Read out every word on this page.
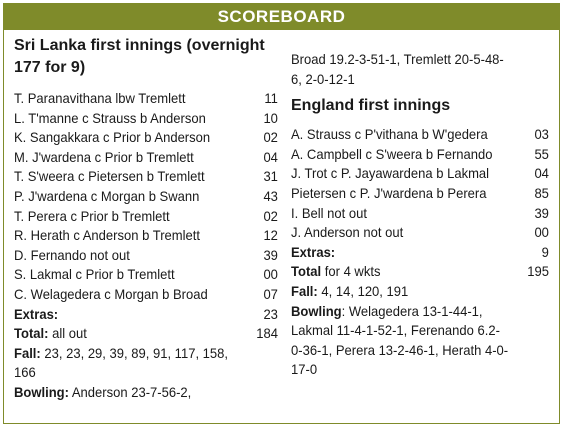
SCOREBOARD
Sri Lanka first innings (overnight
177 for 9)
T. Paranavithana lbw Tremlett	11
L. T'manne c Strauss b Anderson	10
K. Sangakkara c Prior b Anderson	02
M. J'wardena c Prior b Tremlett	04
T. S'weera c Pietersen b Tremlett	31
P. J'wardena c Morgan b Swann	43
T. Perera c Prior b Tremlett	02
R. Herath c Anderson b Tremlett	12
D. Fernando not out	39
S. Lakmal c Prior b Tremlett	00
C. Welagedera c Morgan b Broad	07
Extras:	23
Total: all out	184
Fall: 23, 23, 29, 39, 89, 91, 117, 158,
166
Bowling: Anderson 23-7-56-2,
Broad 19.2-3-51-1, Tremlett 20-5-48-
6, 2-0-12-1
England first innings
A. Strauss c P'vithana b W'gedera	03
A. Campbell c S'weera b Fernando	55
J. Trot c P. Jayawardena b Lakmal	04
Pietersen c P. J'wardena b Perera	85
I. Bell not out	39
J. Anderson not out	00
Extras:	9
Total for 4 wkts	195
Fall: 4, 14, 120, 191
Bowling: Welagedera 13-1-44-1,
Lakmal 11-4-1-52-1, Ferenando 6.2-
0-36-1, Perera 13-2-46-1, Herath 4-0-
17-0
